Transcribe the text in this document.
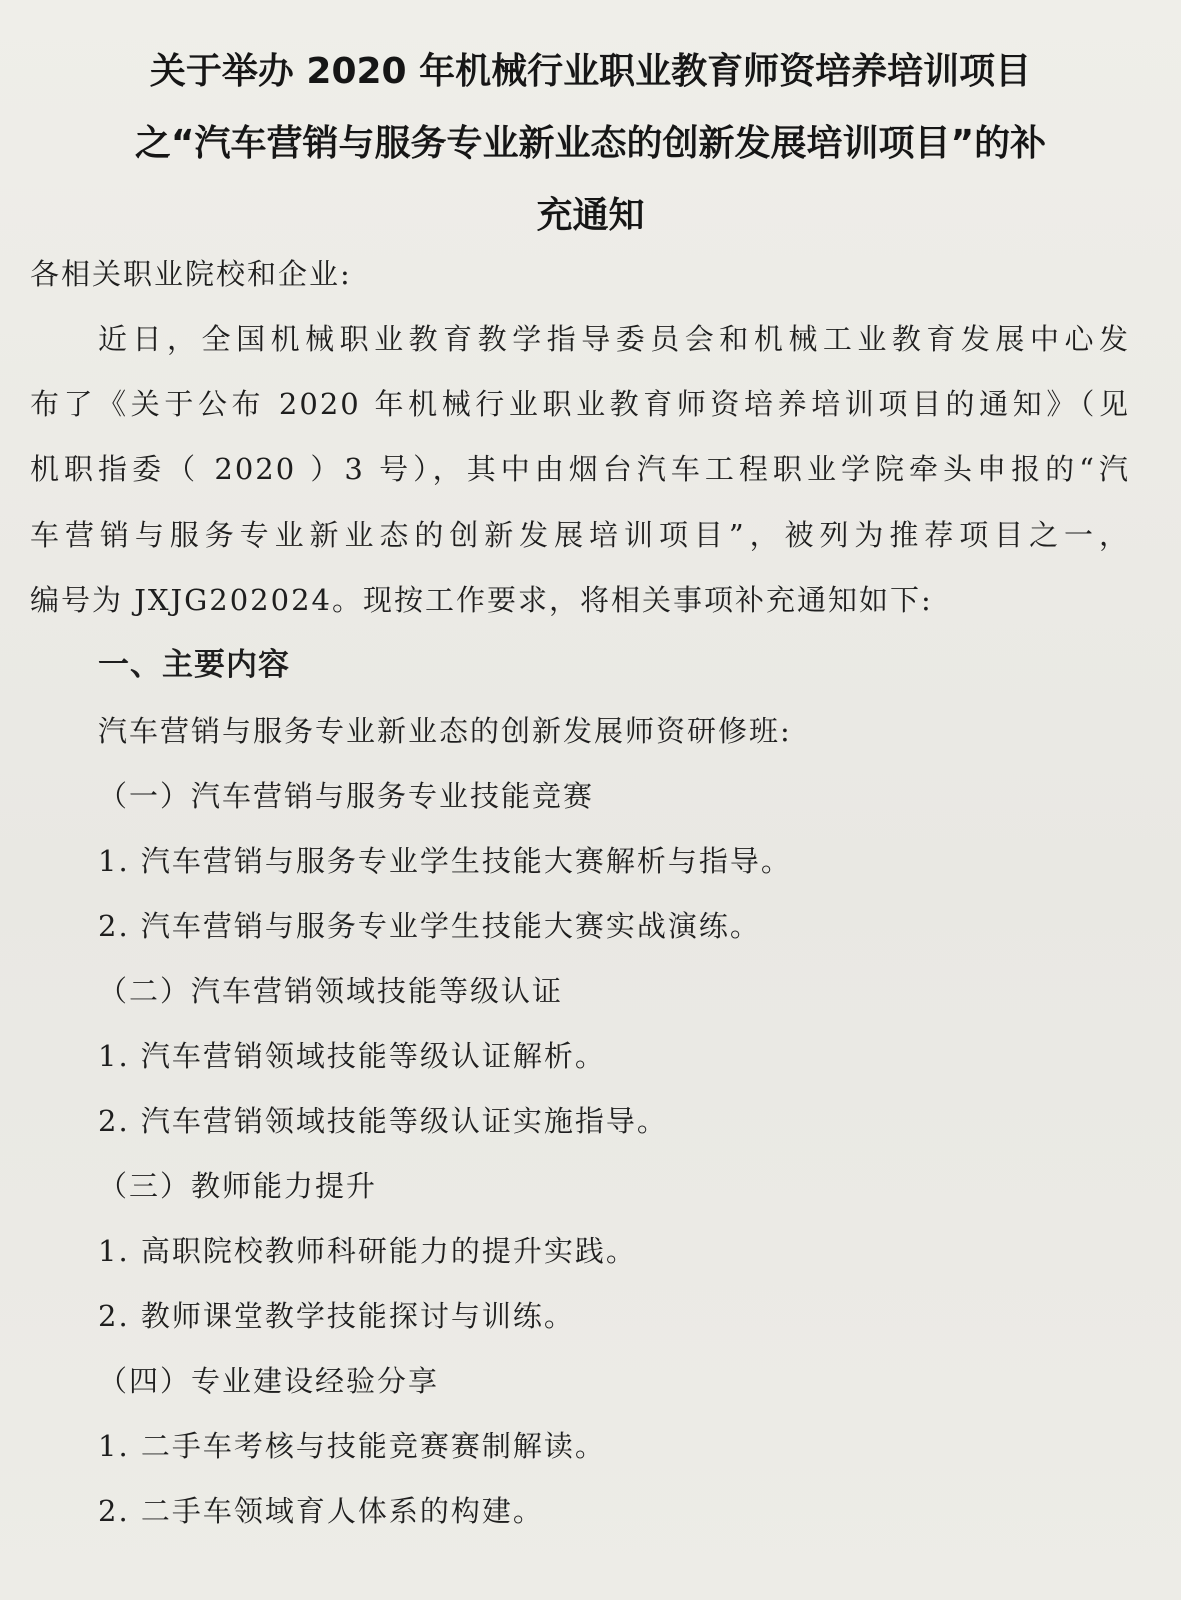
关于举办 2020 年机械行业职业教育师资培养培训项目
之“汽车营销与服务专业新业态的创新发展培训项目”的补
充通知
各相关职业院校和企业:
近日，全国机械职业教育教学指导委员会和机械工业教育发展中心发
布了《关于公布 2020 年机械行业职业教育师资培养培训项目的通知》（见
机职指委（ 2020 ）3 号），其中由烟台汽车工程职业学院牵头申报的“汽
车营销与服务专业新业态的创新发展培训项目”，被列为推荐项目之一，
编号为 JXJG202024。现按工作要求，将相关事项补充通知如下:
一、主要内容
汽车营销与服务专业新业态的创新发展师资研修班:
（一）汽车营销与服务专业技能竞赛
1. 汽车营销与服务专业学生技能大赛解析与指导。
2. 汽车营销与服务专业学生技能大赛实战演练。
（二）汽车营销领域技能等级认证
1. 汽车营销领域技能等级认证解析。
2. 汽车营销领域技能等级认证实施指导。
（三）教师能力提升
1. 高职院校教师科研能力的提升实践。
2. 教师课堂教学技能探讨与训练。
（四）专业建设经验分享
1. 二手车考核与技能竞赛赛制解读。
2. 二手车领域育人体系的构建。
